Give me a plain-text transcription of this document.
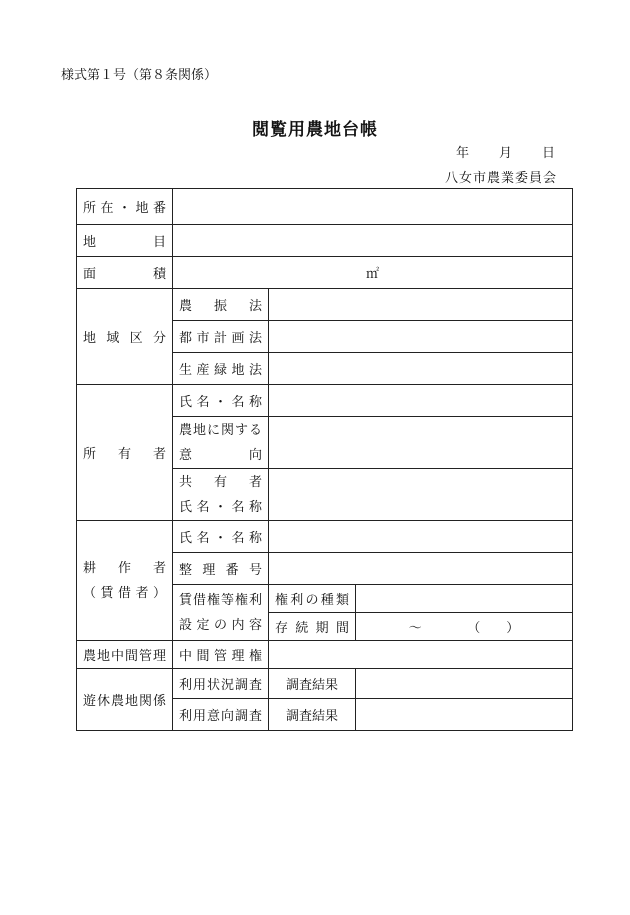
様式第１号（第８条関係）
閲覧用農地台帳
年 月 日
八女市農業委員会
所在・地番			
地　　目			
面　　積	㎡		
地域区分	農振法		
	都市計画法		
	生産緑地法		
所有者	氏名・名称		

	農地に関する
意　　向		

	共　有　者
氏名・名称		

耕　作　者
（賃借者）	氏名・名称		
	整理番号		

	賃借権等権利
設定の内容	権利の種類	
		存続期間	～　　　　（　　）
農地中間管理	中間管理権		
遊休農地関係	利用状況調査	調査結果	
	利用意向調査	調査結果	
